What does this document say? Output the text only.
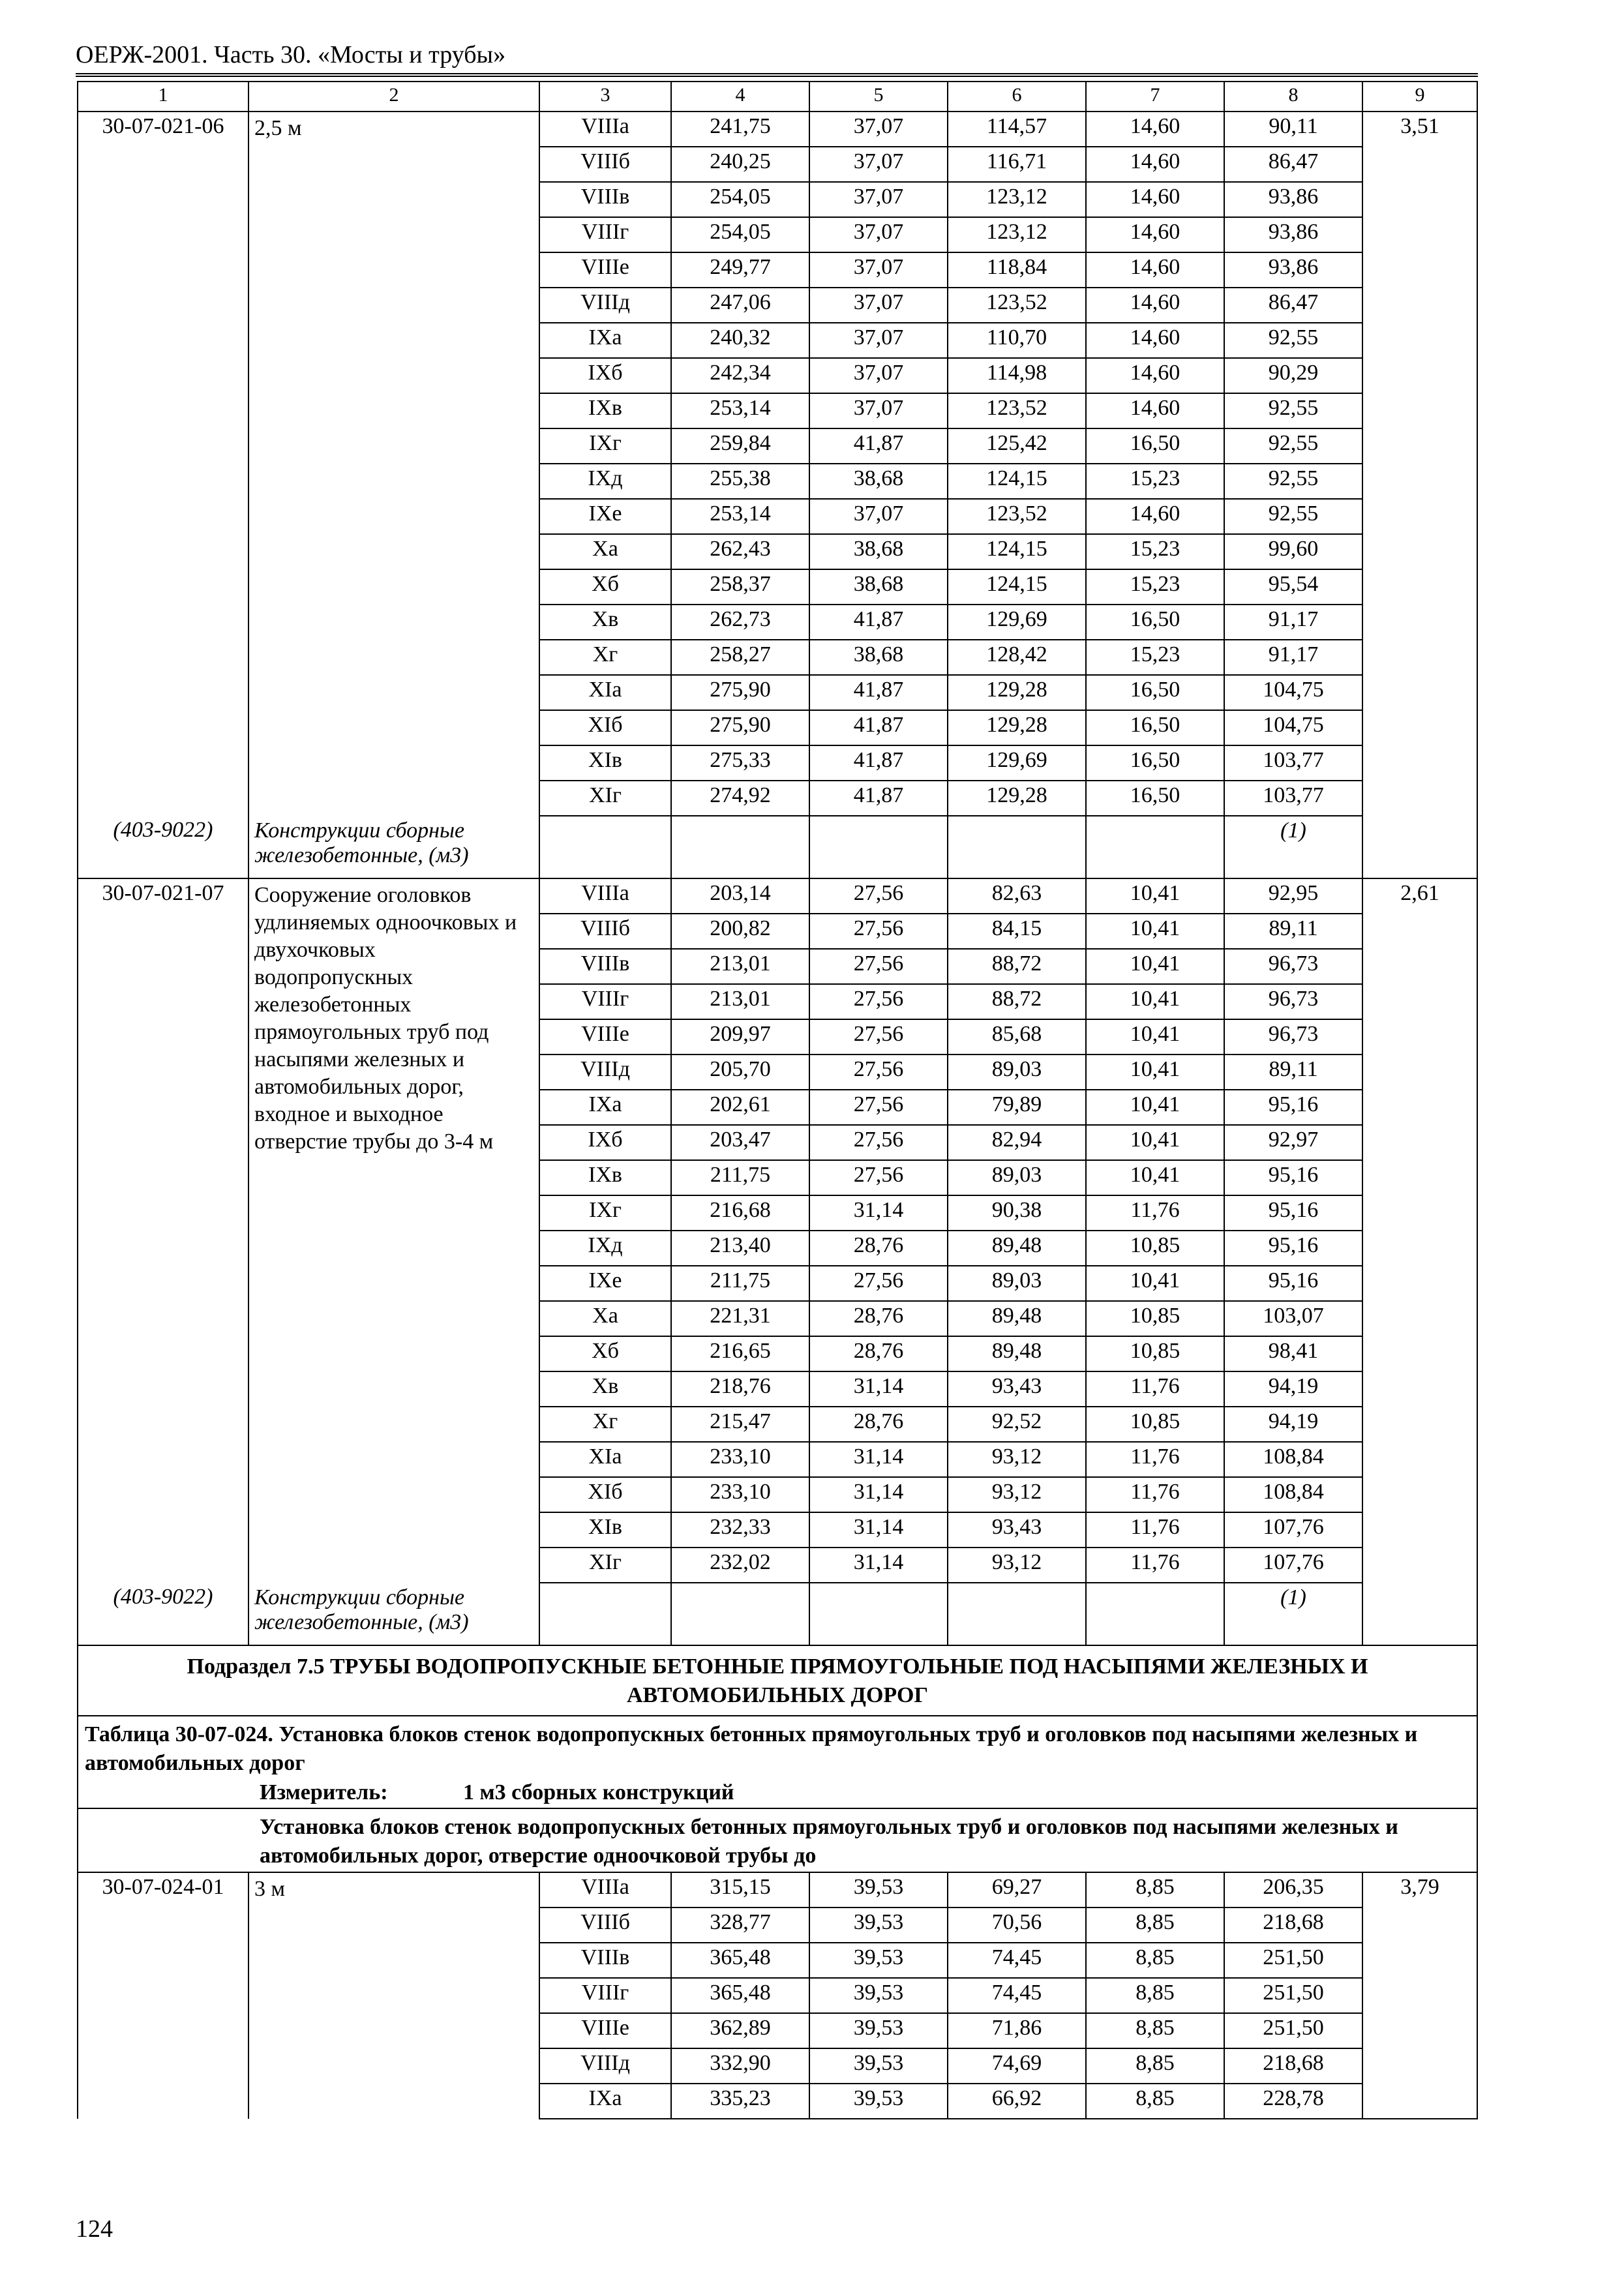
ОЕРЖ-2001. Часть 30. «Мосты и трубы»
1	2	3	4	5	6	7	8	9
30-07-021-06	2,5 м	VIIIа	241,75	37,07	114,57	14,60	90,11	3,51
		VIIIб	240,25	37,07	116,71	14,60	86,47	
		VIIIв	254,05	37,07	123,12	14,60	93,86	
		VIIIг	254,05	37,07	123,12	14,60	93,86	
		VIIIе	249,77	37,07	118,84	14,60	93,86	
		VIIIд	247,06	37,07	123,52	14,60	86,47	
		IXа	240,32	37,07	110,70	14,60	92,55	
		IXб	242,34	37,07	114,98	14,60	90,29	
		IXв	253,14	37,07	123,52	14,60	92,55	
		IXг	259,84	41,87	125,42	16,50	92,55	
		IXд	255,38	38,68	124,15	15,23	92,55	
		IXе	253,14	37,07	123,52	14,60	92,55	
		Xа	262,43	38,68	124,15	15,23	99,60	
		Xб	258,37	38,68	124,15	15,23	95,54	
		Xв	262,73	41,87	129,69	16,50	91,17	
		Xг	258,27	38,68	128,42	15,23	91,17	
		XIа	275,90	41,87	129,28	16,50	104,75	
		XIб	275,90	41,87	129,28	16,50	104,75	
		XIв	275,33	41,87	129,69	16,50	103,77	
		XIг	274,92	41,87	129,28	16,50	103,77	
(403-9022)	Конструкции сборные железобетонные, (м3)						(1)	
30-07-021-07	Сооружение оголовков удлиняемых одноочковых и двухочковых водопропускных железобетонных прямоугольных труб под насыпями железных и автомобильных дорог, входное и выходное отверстие трубы до 3-4 м	VIIIа	203,14	27,56	82,63	10,41	92,95	2,61
		VIIIб	200,82	27,56	84,15	10,41	89,11	
		VIIIв	213,01	27,56	88,72	10,41	96,73	
		VIIIг	213,01	27,56	88,72	10,41	96,73	
		VIIIе	209,97	27,56	85,68	10,41	96,73	
		VIIIд	205,70	27,56	89,03	10,41	89,11	
		IXа	202,61	27,56	79,89	10,41	95,16	
		IXб	203,47	27,56	82,94	10,41	92,97	
		IXв	211,75	27,56	89,03	10,41	95,16	
		IXг	216,68	31,14	90,38	11,76	95,16	
		IXд	213,40	28,76	89,48	10,85	95,16	
		IXе	211,75	27,56	89,03	10,41	95,16	
		Xа	221,31	28,76	89,48	10,85	103,07	
		Xб	216,65	28,76	89,48	10,85	98,41	
		Xв	218,76	31,14	93,43	11,76	94,19	
		Xг	215,47	28,76	92,52	10,85	94,19	
		XIа	233,10	31,14	93,12	11,76	108,84	
		XIб	233,10	31,14	93,12	11,76	108,84	
		XIв	232,33	31,14	93,43	11,76	107,76	
		XIг	232,02	31,14	93,12	11,76	107,76	
(403-9022)	Конструкции сборные железобетонные, (м3)						(1)	
Подраздел 7.5 ТРУБЫ ВОДОПРОПУСКНЫЕ БЕТОННЫЕ ПРЯМОУГОЛЬНЫЕ ПОД НАСЫПЯМИ ЖЕЛЕЗНЫХ И АВТОМОБИЛЬНЫХ ДОРОГ								

Таблица 30-07-024. Установка блоков стенок водопропускных бетонных прямоугольных труб и оголовков под насыпями железных и автомобильных дорог
Измеритель: 1 м3 сборных конструкций								

Установка блоков стенок водопропускных бетонных прямоугольных труб и оголовков под насыпями железных и автомобильных дорог, отверстие одноочковой трубы до								
30-07-024-01	3 м	VIIIа	315,15	39,53	69,27	8,85	206,35	3,79
		VIIIб	328,77	39,53	70,56	8,85	218,68	
		VIIIв	365,48	39,53	74,45	8,85	251,50	
		VIIIг	365,48	39,53	74,45	8,85	251,50	
		VIIIе	362,89	39,53	71,86	8,85	251,50	
		VIIIд	332,90	39,53	74,69	8,85	218,68	
		IXа	335,23	39,53	66,92	8,85	228,78	
124
